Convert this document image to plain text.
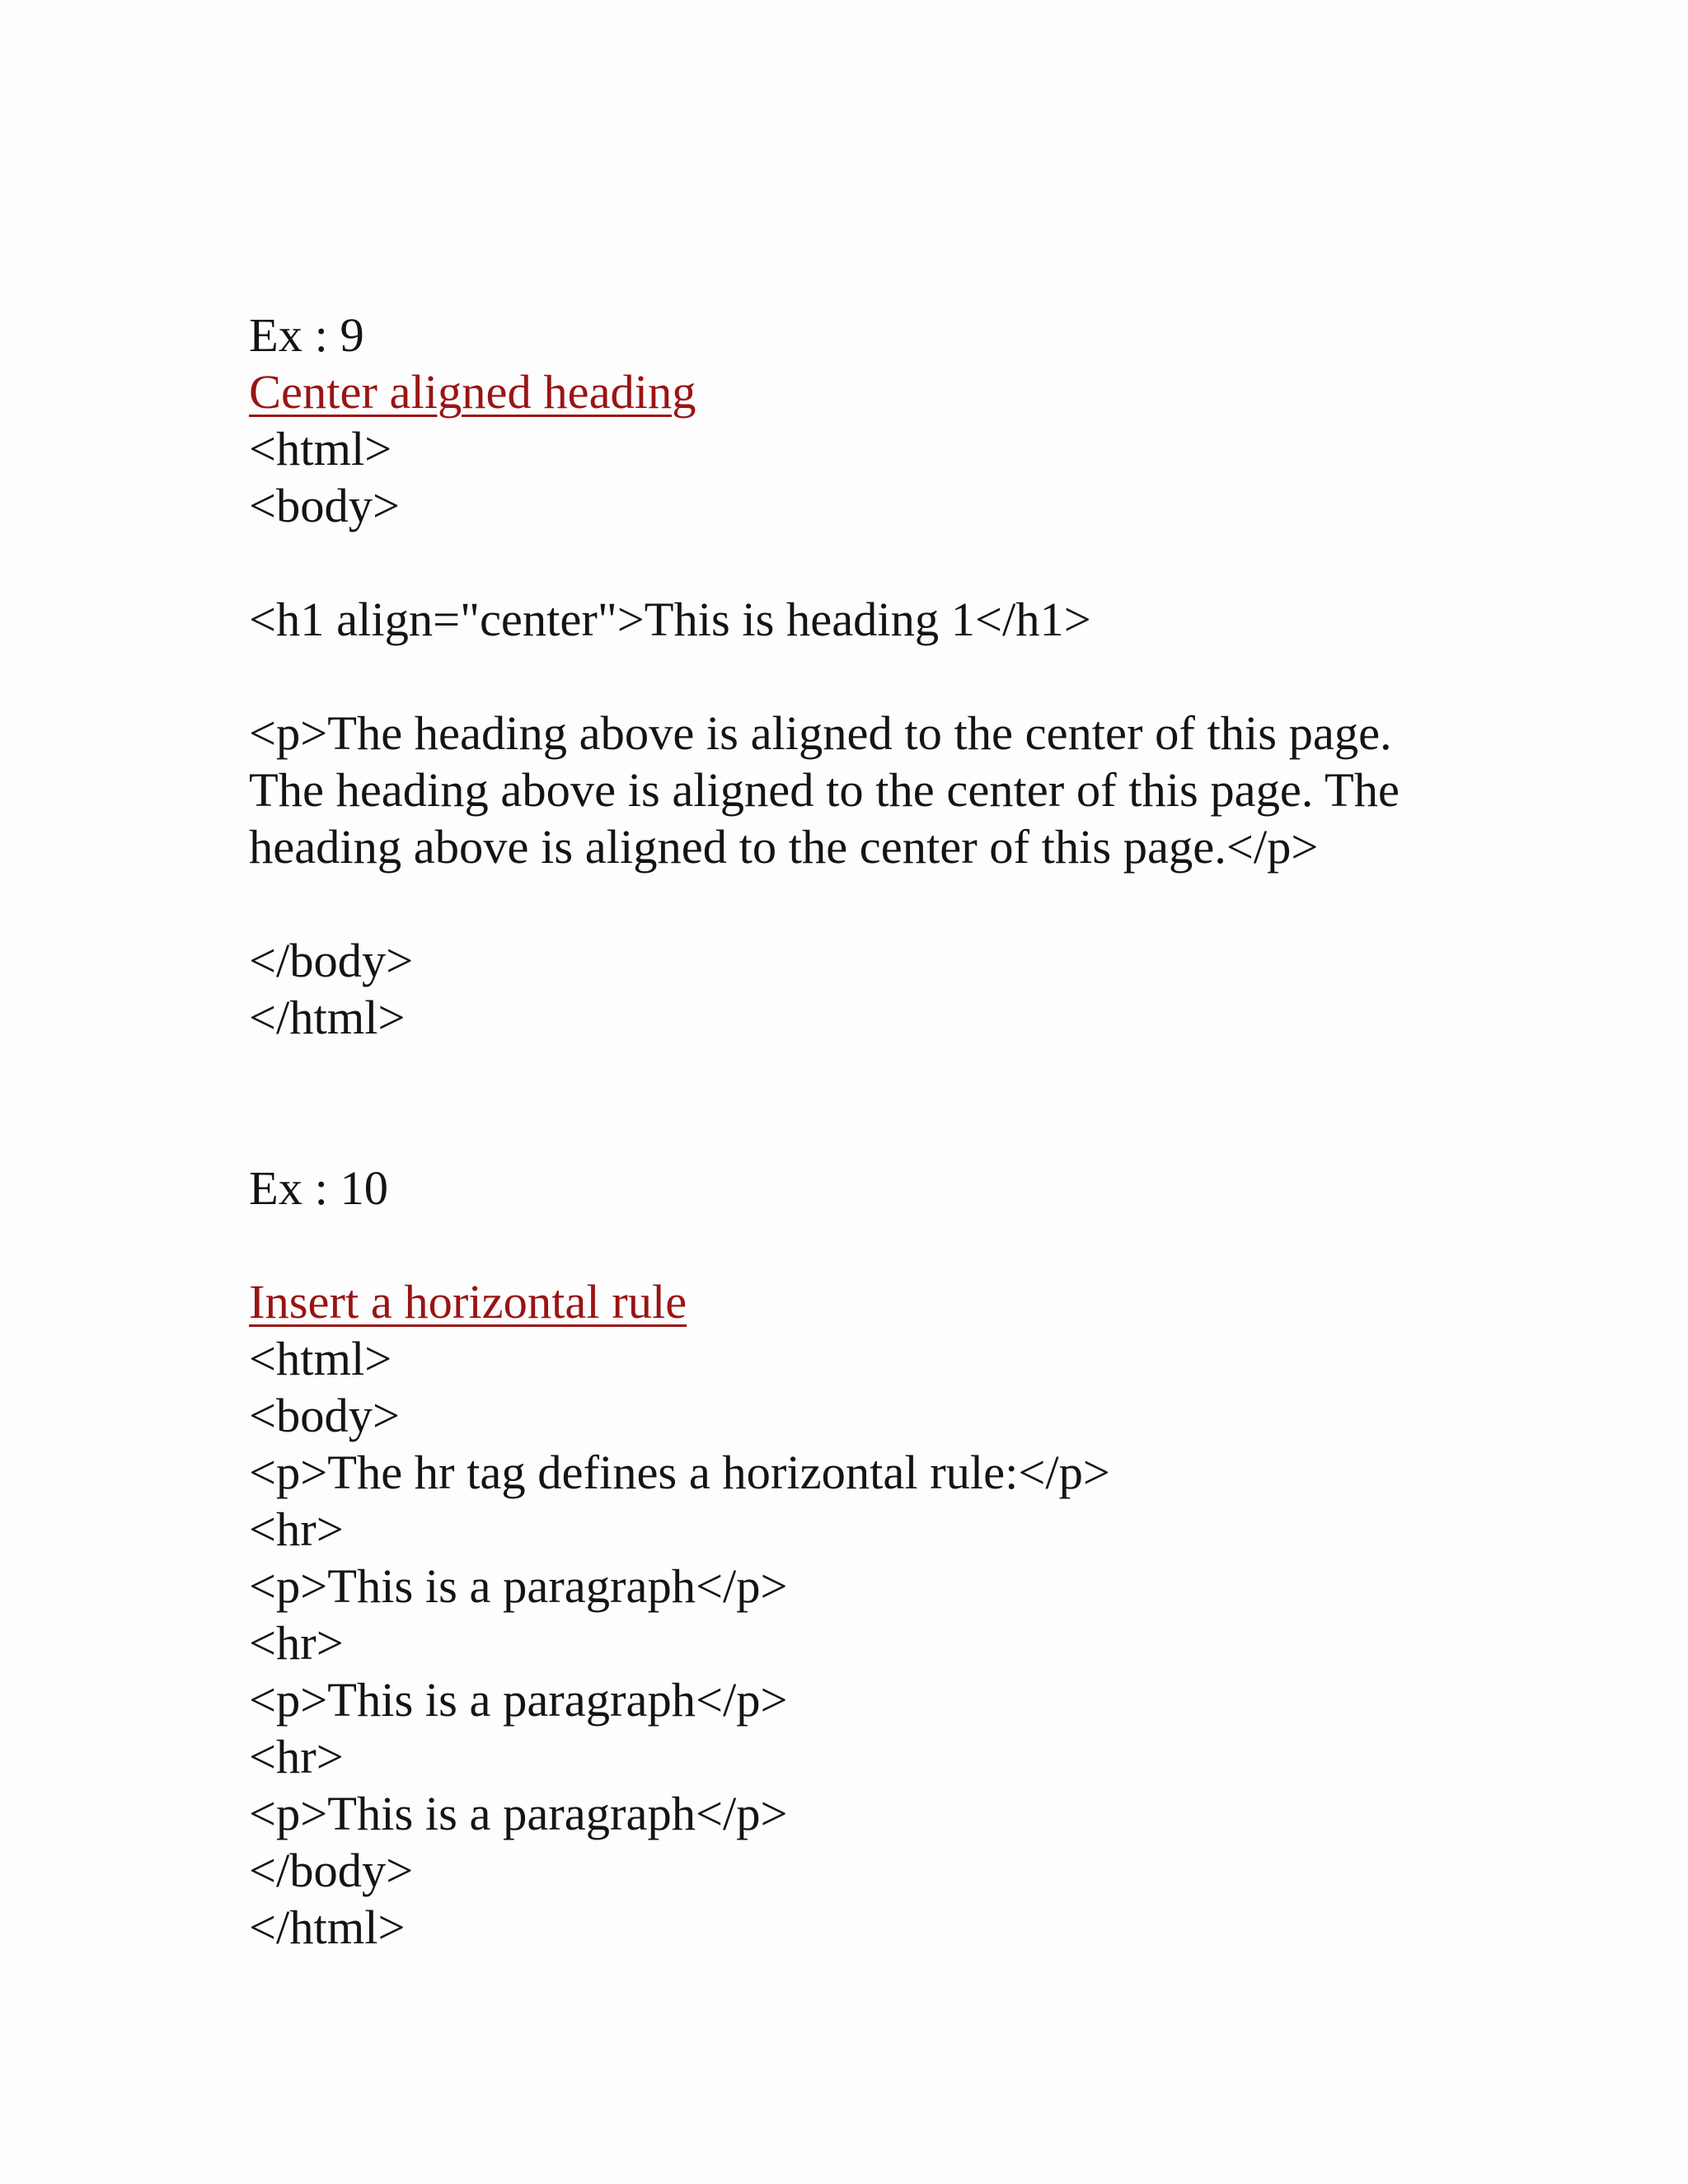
Ex : 9
Center aligned heading
<html>
<body>
<h1 align="center">This is heading 1</h1>
<p>The heading above is aligned to the center of this page. The heading above is aligned to the center of this page. The heading above is aligned to the center of this page.</p>
</body>
</html>
Ex : 10
Insert a horizontal rule
<html>
<body>
<p>The hr tag defines a horizontal rule:</p>
<hr>
<p>This is a paragraph</p>
<hr>
<p>This is a paragraph</p>
<hr>
<p>This is a paragraph</p>
</body>
</html>
